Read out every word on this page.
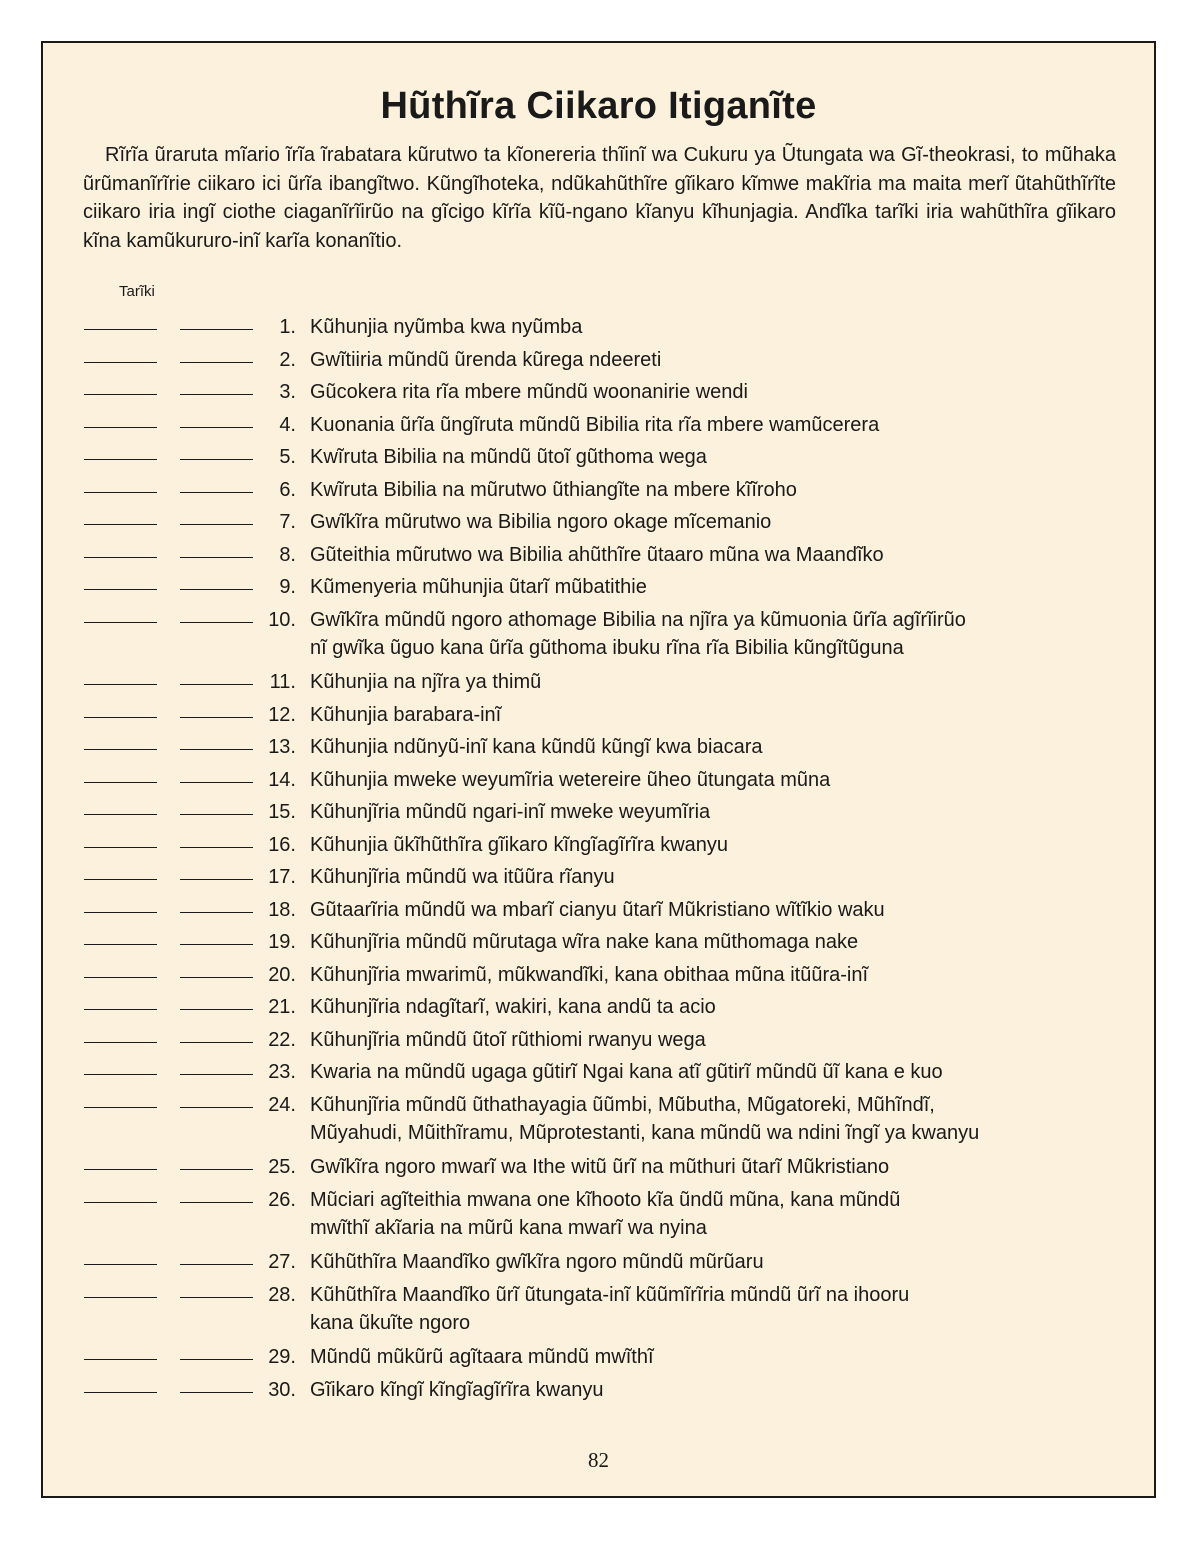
Hũthĩra Ciikaro Itiganĩte

Rĩrĩa ũraruta mĩario ĩrĩa ĩrabatara kũrutwo ta kĩonereria thĩinĩ wa Cukuru ya Ũtungata wa Gĩ-theokrasi, to mũhaka ũrũmanĩrĩrie ciikaro ici ũrĩa ibangĩtwo. Kũngĩhoteka, ndũkahũthĩre gĩikaro kĩmwe makĩria ma maita merĩ ũtahũthĩrĩte ciikaro iria ingĩ ciothe ciaganĩrĩirũo na gĩcigo kĩrĩa kĩũ-ngano kĩanyu kĩhunjagia. Andĩka tarĩki iria wahũthĩra gĩikaro kĩna kamũkururo-inĩ karĩa konanĩtio.

Tarĩki
1. Kũhunjia nyũmba kwa nyũmba
2. Gwĩtiiria mũndũ ũrenda kũrega ndeereti
3. Gũcokera rita rĩa mbere mũndũ woonanirie wendi
4. Kuonania ũrĩa ũngĩruta mũndũ Bibilia rita rĩa mbere wamũcerera
5. Kwĩruta Bibilia na mũndũ ũtoĩ gũthoma wega
6. Kwĩruta Bibilia na mũrutwo ũthiangĩte na mbere kĩĩroho
7. Gwĩkĩra mũrutwo wa Bibilia ngoro okage mĩcemanio
8. Gũteithia mũrutwo wa Bibilia ahũthĩre ũtaaro mũna wa Maandĩko
9. Kũmenyeria mũhunjia ũtarĩ mũbatithie
10. Gwĩkĩra mũndũ ngoro athomage Bibilia na njĩra ya kũmuonia ũrĩa agĩrĩirũo
nĩ gwĩka ũguo kana ũrĩa gũthoma ibuku rĩna rĩa Bibilia kũngĩtũguna
11. Kũhunjia na njĩra ya thimũ
12. Kũhunjia barabara-inĩ
13. Kũhunjia ndũnyũ-inĩ kana kũndũ kũngĩ kwa biacara
14. Kũhunjia mweke weyumĩria wetereire ũheo ũtungata mũna
15. Kũhunjĩria mũndũ ngari-inĩ mweke weyumĩria
16. Kũhunjia ũkĩhũthĩra gĩikaro kĩngĩagĩrĩra kwanyu
17. Kũhunjĩria mũndũ wa itũũra rĩanyu
18. Gũtaarĩria mũndũ wa mbarĩ cianyu ũtarĩ Mũkristiano wĩtĩkio waku
19. Kũhunjĩria mũndũ mũrutaga wĩra nake kana mũthomaga nake
20. Kũhunjĩria mwarimũ, mũkwandĩki, kana obithaa mũna itũũra-inĩ
21. Kũhunjĩria ndagĩtarĩ, wakiri, kana andũ ta acio
22. Kũhunjĩria mũndũ ũtoĩ rũthiomi rwanyu wega
23. Kwaria na mũndũ ugaga gũtirĩ Ngai kana atĩ gũtirĩ mũndũ ũĩ kana e kuo
24. Kũhunjĩria mũndũ ũthathayagia ũũmbi, Mũbutha, Mũgatoreki, Mũhĩndĩ,
Mũyahudi, Mũithĩramu, Mũprotestanti, kana mũndũ wa ndini ĩngĩ ya kwanyu
25. Gwĩkĩra ngoro mwarĩ wa Ithe witũ ũrĩ na mũthuri ũtarĩ Mũkristiano
26. Mũciari agĩteithia mwana one kĩhooto kĩa ũndũ mũna, kana mũndũ
mwĩthĩ akĩaria na mũrũ kana mwarĩ wa nyina
27. Kũhũthĩra Maandĩko gwĩkĩra ngoro mũndũ mũrũaru
28. Kũhũthĩra Maandĩko ũrĩ ũtungata-inĩ kũũmĩrĩria mũndũ ũrĩ na ihooru
kana ũkuĩte ngoro
29. Mũndũ mũkũrũ agĩtaara mũndũ mwĩthĩ
30. Gĩikaro kĩngĩ kĩngĩagĩrĩra kwanyu
82
